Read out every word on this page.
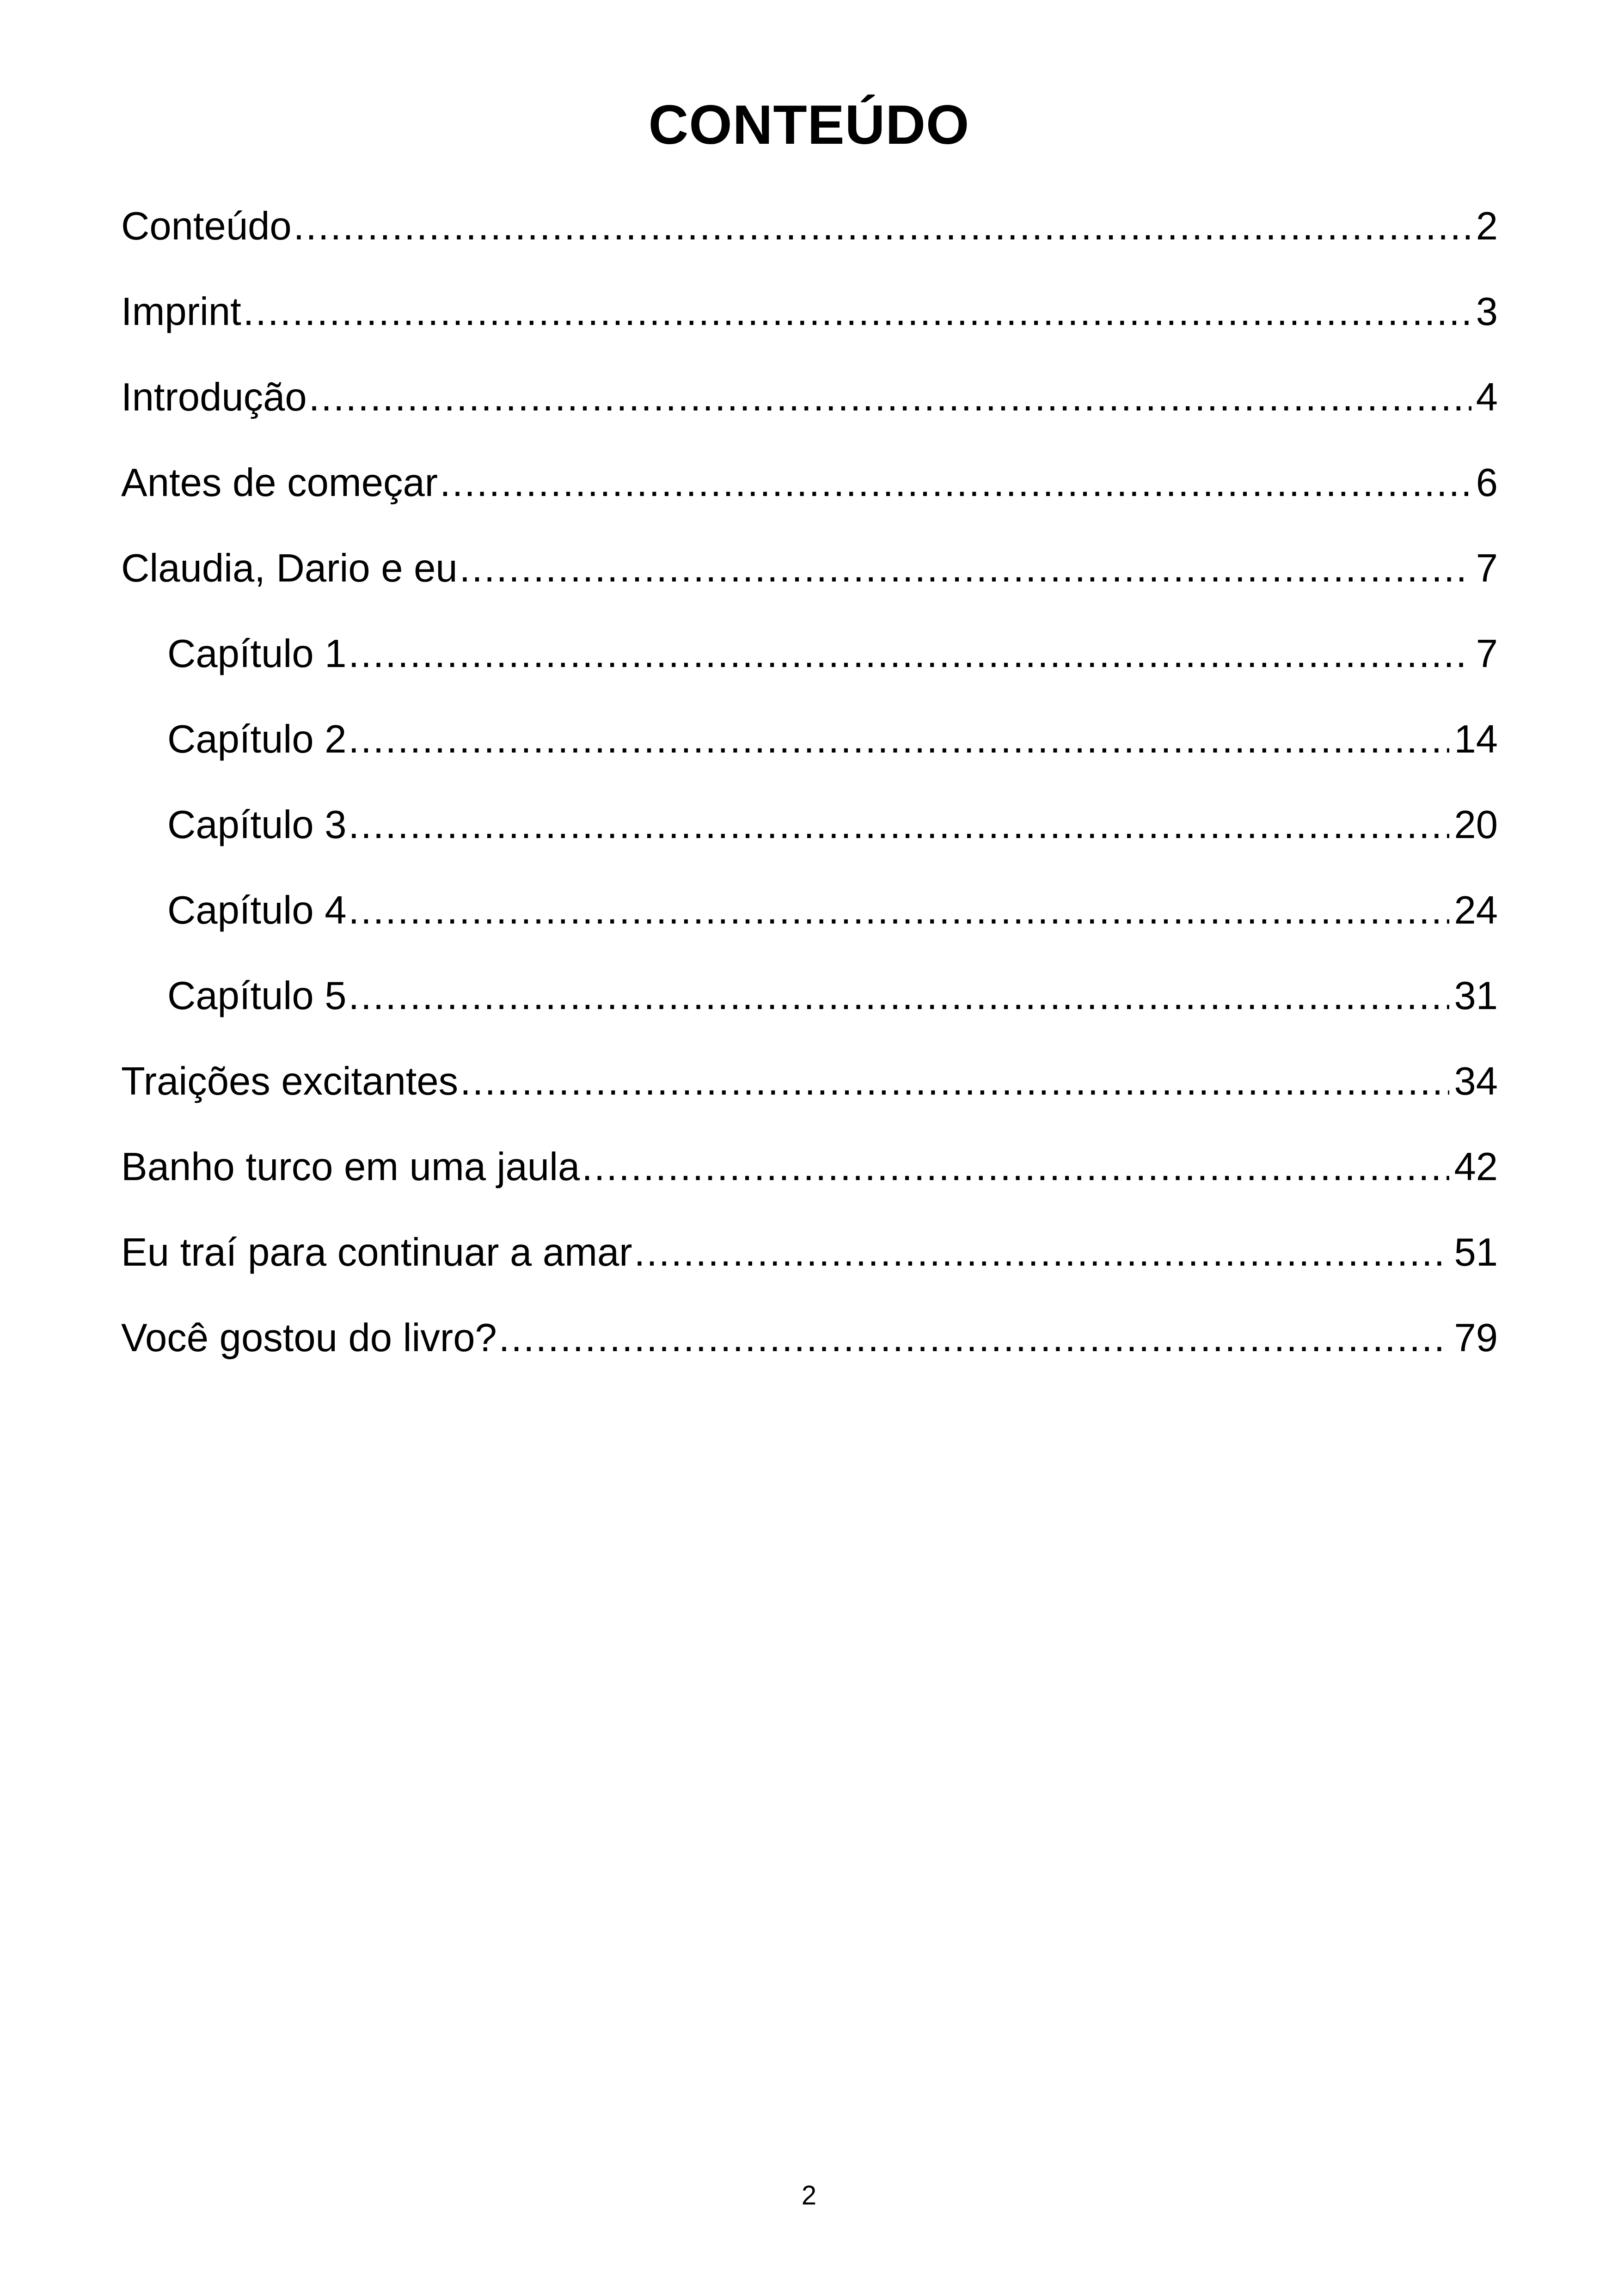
CONTEÚDO
Conteúdo .....	2
Imprint .....	3
Introdução .....	4
Antes de começar .....	6
Claudia, Dario e eu .....	7
Capítulo 1 .....	7
Capítulo 2 .....	14
Capítulo 3 .....	20
Capítulo 4 .....	24
Capítulo 5 .....	31
Traições excitantes .....	34
Banho turco em uma jaula .....	42
Eu traí para continuar a amar .....	51
Você gostou do livro? .....	79
2
